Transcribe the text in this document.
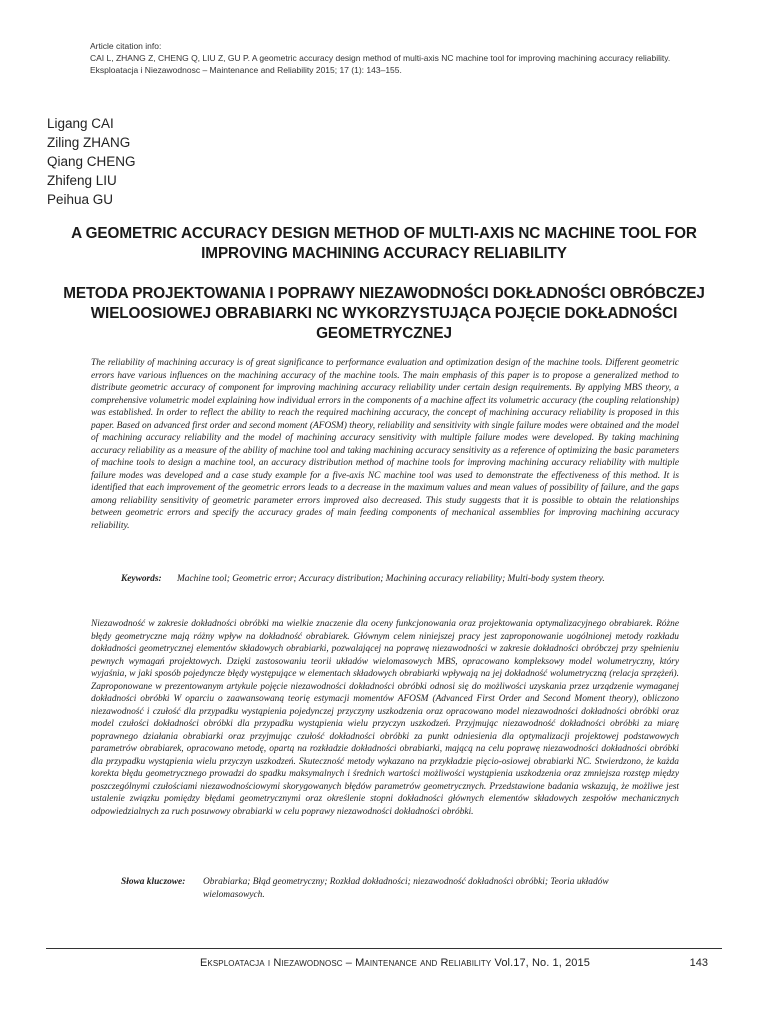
Article citation info:
CAI L, ZHANG Z, CHENG Q, LIU Z, GU P. A geometric accuracy design method of multi-axis NC machine tool for improving machining accuracy reliability. Eksploatacja i Niezawodnosc – Maintenance and Reliability 2015; 17 (1): 143–155.
Ligang CAI
Ziling ZHANG
Qiang CHENG
Zhifeng LIU
Peihua GU
A GEOMETRIC ACCURACY DESIGN METHOD OF MULTI-AXIS NC MACHINE TOOL FOR IMPROVING MACHINING ACCURACY RELIABILITY
METODA PROJEKTOWANIA I POPRAWY NIEZAWODNOŚCI DOKŁADNOŚCI OBRÓBCZEJ WIELOOSIOWEJ OBRABIARKI NC WYKORZYSTUJĄCA POJĘCIE DOKŁADNOŚCI GEOMETRYCZNEJ
The reliability of machining accuracy is of great significance to performance evaluation and optimization design of the machine tools. Different geometric errors have various influences on the machining accuracy of the machine tools. The main emphasis of this paper is to propose a generalized method to distribute geometric accuracy of component for improving machining accuracy reliability under certain design requirements. By applying MBS theory, a comprehensive volumetric model explaining how individual errors in the components of a machine affect its volumetric accuracy (the coupling relationship) was established. In order to reflect the ability to reach the required machining accuracy, the concept of machining accuracy reliability is proposed in this paper. Based on advanced first order and second moment (AFOSM) theory, reliability and sensitivity with single failure modes were obtained and the model of machining accuracy reliability and the model of machining accuracy sensitivity with multiple failure modes were developed. By taking machining accuracy reliability as a measure of the ability of machine tool and taking machining accuracy sensitivity as a reference of optimizing the basic parameters of machine tools to design a machine tool, an accuracy distribution method of machine tools for improving machining accuracy reliability with multiple failure modes was developed and a case study example for a five-axis NC machine tool was used to demonstrate the effectiveness of this method. It is identified that each improvement of the geometric errors leads to a decrease in the maximum values and mean values of possibility of failure, and the gaps among reliability sensitivity of geometric parameter errors improved also decreased. This study suggests that it is possible to obtain the relationships between geometric errors and specify the accuracy grades of main feeding components of mechanical assemblies for improving machining accuracy reliability.
Keywords: Machine tool; Geometric error; Accuracy distribution; Machining accuracy reliability; Multi-body system theory.
Niezawodność w zakresie dokładności obróbki ma wielkie znaczenie dla oceny funkcjonowania oraz projektowania optymalizacyjnego obrabiarek. Różne błędy geometryczne mają różny wpływ na dokładność obrabiarek. Głównym celem niniejszej pracy jest zaproponowanie uogólnionej metody rozkładu dokładności geometrycznej elementów składowych obrabiarki, pozwalającej na poprawę niezawodności w zakresie dokładności obróbczej przy spełnieniu pewnych wymagań projektowych. Dzięki zastosowaniu teorii układów wielomasowych MBS, opracowano kompleksowy model wolumetryczny, który wyjaśnia, w jaki sposób pojedyncze błędy występujące w elementach składowych obrabiarki wpływają na jej dokładność wolumetryczną (relacja sprzężeń). Zaproponowane w prezentowanym artykule pojęcie niezawodności dokładności obróbki odnosi się do możliwości uzyskania przez urządzenie wymaganej dokładności obróbki W oparciu o zaawansowaną teorię estymacji momentów AFOSM (Advanced First Order and Second Moment theory), obliczono niezawodność i czułość dla przypadku wystąpienia pojedynczej przyczyny uszkodzenia oraz opracowano model niezawodności dokładności obróbki oraz model czułości dokładności obróbki dla przypadku wystąpienia wielu przyczyn uszkodzeń. Przyjmując niezawodność dokładności obróbki za miarę poprawnego działania obrabiarki oraz przyjmując czułość dokładności obróbki za punkt odniesienia dla optymalizacji projektowej podstawowych parametrów obrabiarek, opracowano metodę, opartą na rozkładzie dokładności obrabiarki, mającą na celu poprawę niezawodności dokładności obróbki dla przypadku wystąpienia wielu przyczyn uszkodzeń. Skuteczność metody wykazano na przykładzie pięcio-osiowej obrabiarki NC. Stwierdzono, że każda korekta błędu geometrycznego prowadzi do spadku maksymalnych i średnich wartości możliwości wystąpienia uszkodzenia oraz zmniejsza rozstęp między poszczególnymi czułościami niezawodnościowymi skorygowanych błędów parametrów geometrycznych. Przedstawione badania wskazują, że możliwe jest ustalenie związku pomiędzy błędami geometrycznymi oraz określenie stopni dokładności głównych elementów składowych zespołów mechanicznych odpowiedzialnych za ruch posuwowy obrabiarki w celu poprawy niezawodności dokładności obróbki.
Słowa kluczowe: Obrabiarka; Błąd geometryczny; Rozkład dokładności; niezawodność dokładności obróbki; Teoria układów wielomasowych.
Eksploatacja i Niezawodnosc – Maintenance and Reliability Vol.17, No. 1, 2015	143
